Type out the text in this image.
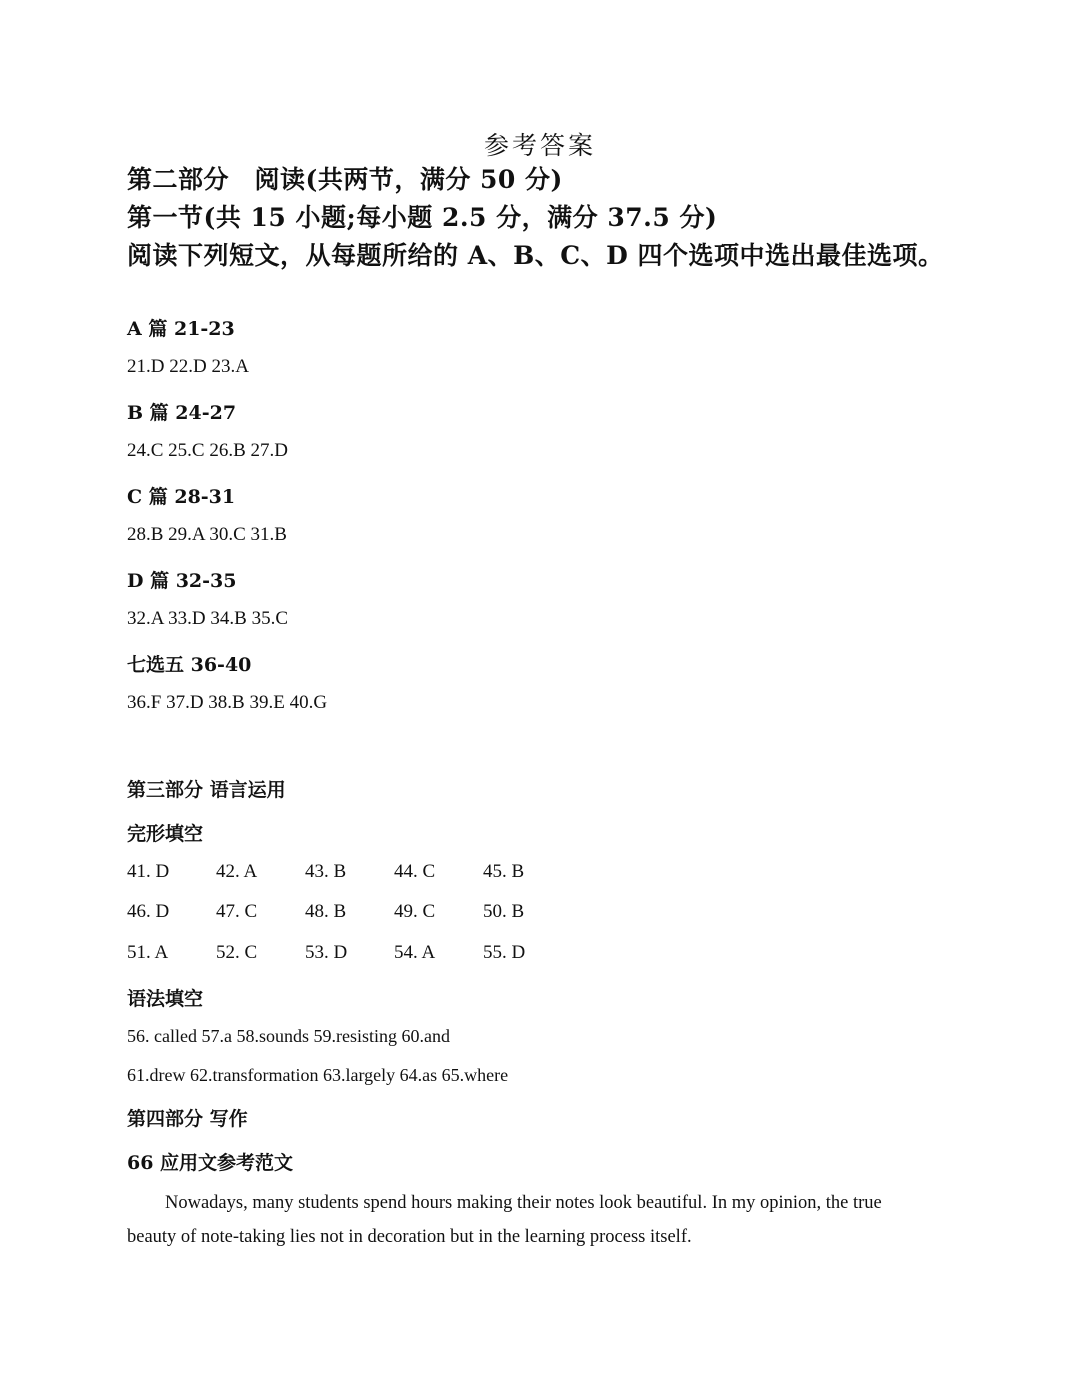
参考答案
第二部分　阅读(共两节，满分 50 分)
第一节(共 15 小题;每小题 2.5 分，满分 37.5 分)
阅读下列短文，从每题所给的 A、B、C、D 四个选项中选出最佳选项。
A 篇 21-23
21.D 22.D 23.A
B 篇 24-27
24.C 25.C 26.B 27.D
C 篇 28-31
28.B 29.A 30.C 31.B
D 篇 32-35
32.A 33.D 34.B 35.C
七选五 36-40
36.F 37.D 38.B 39.E 40.G
第三部分 语言运用
完形填空
41. D	42. A	43. B	44. C	45. B
46. D	47. C	48. B	49. C	50. B
51. A	52. C	53. D	54. A	55. D
语法填空
56. called 57.a 58.sounds 59.resisting 60.and
61.drew 62.transformation 63.largely 64.as 65.where
第四部分 写作
66 应用文参考范文
Nowadays, many students spend hours making their notes look beautiful. In my opinion, the true beauty of note-taking lies not in decoration but in the learning process itself.
